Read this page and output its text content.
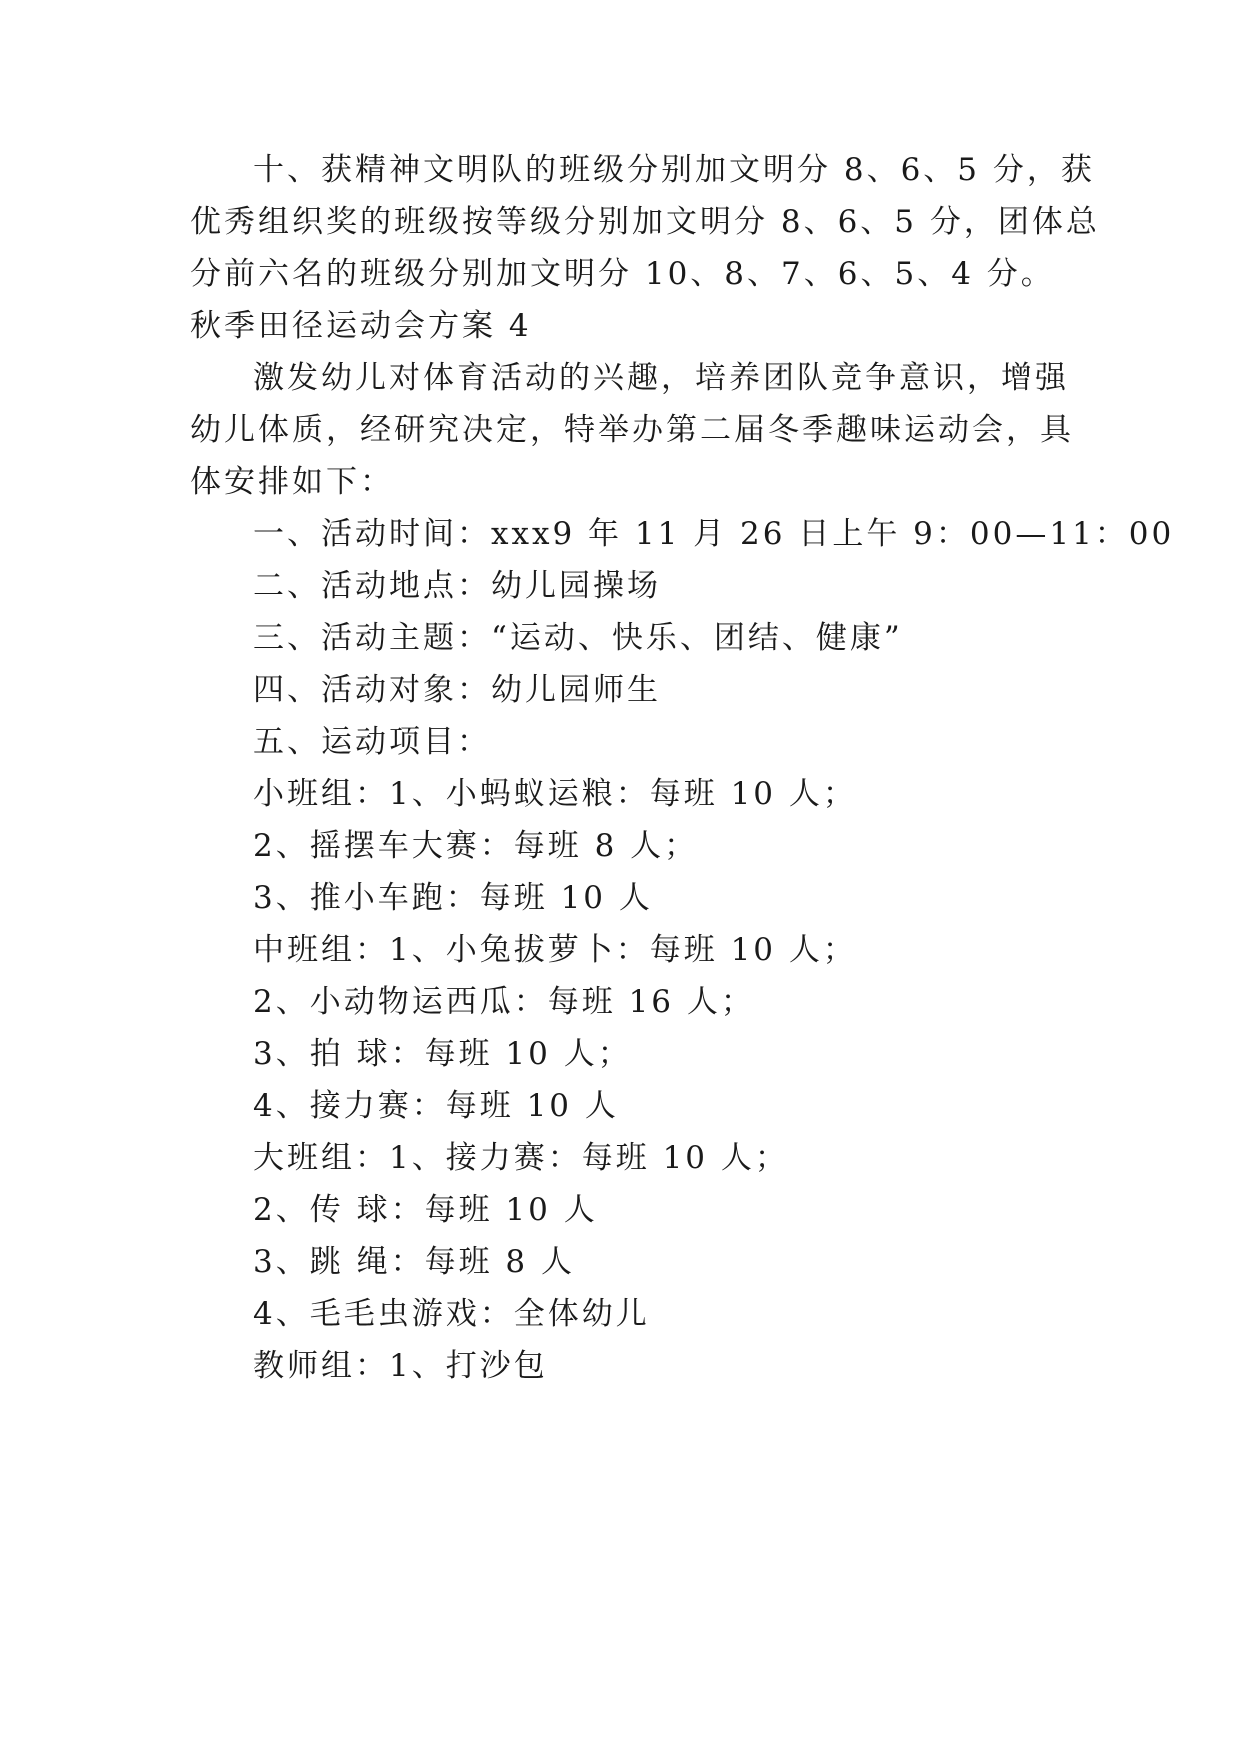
十、获精神文明队的班级分别加文明分 8、6、5 分，获
优秀组织奖的班级按等级分别加文明分 8、6、5 分，团体总
分前六名的班级分别加文明分 10、8、7、6、5、4 分。
秋季田径运动会方案 4
激发幼儿对体育活动的兴趣，培养团队竞争意识，增强
幼儿体质，经研究决定，特举办第二届冬季趣味运动会，具
体安排如下：
一、活动时间：xxx9 年 11 月 26 日上午 9：00—11：00
二、活动地点：幼儿园操场
三、活动主题：“运动、快乐、团结、健康”
四、活动对象：幼儿园师生
五、运动项目：
小班组：1、小蚂蚁运粮：每班 10 人；
2、摇摆车大赛：每班 8 人；
3、推小车跑：每班 10 人
中班组：1、小兔拔萝卜：每班 10 人；
2、小动物运西瓜：每班 16 人；
3、拍 球：每班 10 人；
4、接力赛：每班 10 人
大班组：1、接力赛：每班 10 人；
2、传 球：每班 10 人
3、跳 绳：每班 8 人
4、毛毛虫游戏：全体幼儿
教师组：1、打沙包
